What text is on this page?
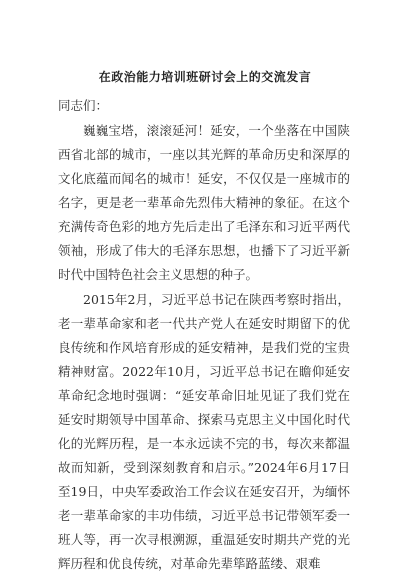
在政治能力培训班研讨会上的交流发言
同志们：

巍巍宝塔，滚滚延河！延安，一个坐落在中国陕西省北部的城市，一座以其光辉的革命历史和深厚的文化底蕴而闻名的城市！延安，不仅仅是一座城市的名字，更是老一辈革命先烈伟大精神的象征。在这个充满传奇色彩的地方先后走出了毛泽东和习近平两代领袖，形成了伟大的毛泽东思想，也播下了习近平新时代中国特色社会主义思想的种子。

2015年2月，习近平总书记在陕西考察时指出，老一辈革命家和老一代共产党人在延安时期留下的优良传统和作风培育形成的延安精神，是我们党的宝贵精神财富。2022年10月，习近平总书记在瞻仰延安革命纪念地时强调：“延安革命旧址见证了我们党在延安时期领导中国革命、探索马克思主义中国化时代化的光辉历程，是一本永远读不完的书，每次来都温故而知新，受到深刻教育和启示。”2024年6月17日至19日，中央军委政治工作会议在延安召开，为缅怀老一辈革命家的丰功伟绩，习近平总书记带领军委一班人等，再一次寻根溯源，重温延安时期共产党的光辉历程和优良传统，对革命先辈筚路蓝缕、艰难
